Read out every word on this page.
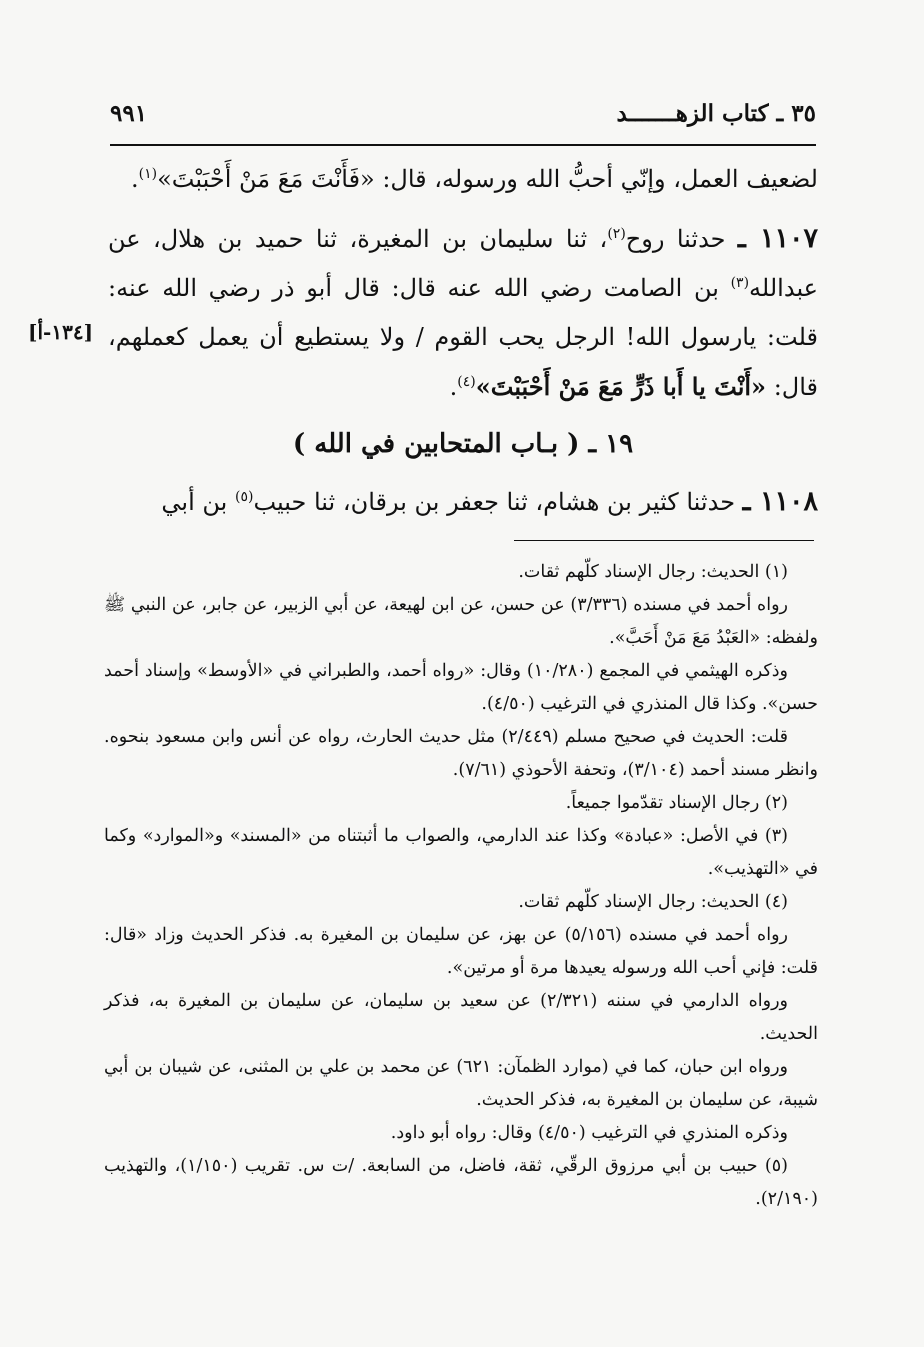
٣٥ ـ كتاب الزهـــــــد
٩٩١

لضعيف العمل، وإنّي أحبُّ الله ورسوله، قال: «فَأَنْتَ مَعَ مَنْ أَحْبَبْتَ»$^{(١)}$.

١١٠٧ ـ حدثنا روح$^{(٢)}$، ثنا سليمان بن المغيرة، ثنا حميد بن هلال، عن عبدالله$^{(٣)}$ بن الصامت رضي الله عنه قال: قال أبو ذر رضي الله عنه: قلت: يارسول الله! الرجل يحب القوم / ولا يستطيع أن يعمل كعملهم، قال: «أَنْتَ يا أَبا ذَرٍّ مَعَ مَنْ أَحْبَبْتَ»$^{(٤)}$.

١٩ ـ ( بـاب المتحابين في الله )

١١٠٨ ـ حدثنا كثير بن هشام، ثنا جعفر بن برقان، ثنا حبيب$^{(٥)}$ بن أبي

[١٣٤-أ]

(١) الحديث: رجال الإسناد كلّهم ثقات.

رواه أحمد في مسنده (٣/٣٣٦) عن حسن، عن ابن لهيعة، عن أبي الزبير، عن جابر، عن النبي ﷺ ولفظه: «العَبْدُ مَعَ مَنْ أَحَبَّ».

وذكره الهيثمي في المجمع (١٠/٢٨٠) وقال: «رواه أحمد، والطبراني في «الأوسط» وإسناد أحمد حسن». وكذا قال المنذري في الترغيب (٤/٥٠).

قلت: الحديث في صحيح مسلم (٢/٤٤٩) مثل حديث الحارث، رواه عن أنس وابن مسعود بنحوه. وانظر مسند أحمد (٣/١٠٤)، وتحفة الأحوذي (٧/٦١).

(٢) رجال الإسناد تقدّموا جميعاً.

(٣) في الأصل: «عبادة» وكذا عند الدارمي، والصواب ما أثبتناه من «المسند» و«الموارد» وكما في «التهذيب».

(٤) الحديث: رجال الإسناد كلّهم ثقات.

رواه أحمد في مسنده (٥/١٥٦) عن بهز، عن سليمان بن المغيرة به. فذكر الحديث وزاد «قال: قلت: فإني أحب الله ورسوله يعيدها مرة أو مرتين».

ورواه الدارمي في سننه (٢/٣٢١) عن سعيد بن سليمان، عن سليمان بن المغيرة به، فذكر الحديث.

ورواه ابن حبان، كما في (موارد الظمآن: ٦٢١) عن محمد بن علي بن المثنى، عن شيبان بن أبي شيبة، عن سليمان بن المغيرة به، فذكر الحديث.

وذكره المنذري في الترغيب (٤/٥٠) وقال: رواه أبو داود.

(٥) حبيب بن أبي مرزوق الرقّي، ثقة، فاضل، من السابعة. /ت س. تقريب (١/١٥٠)، والتهذيب (٢/١٩٠).
